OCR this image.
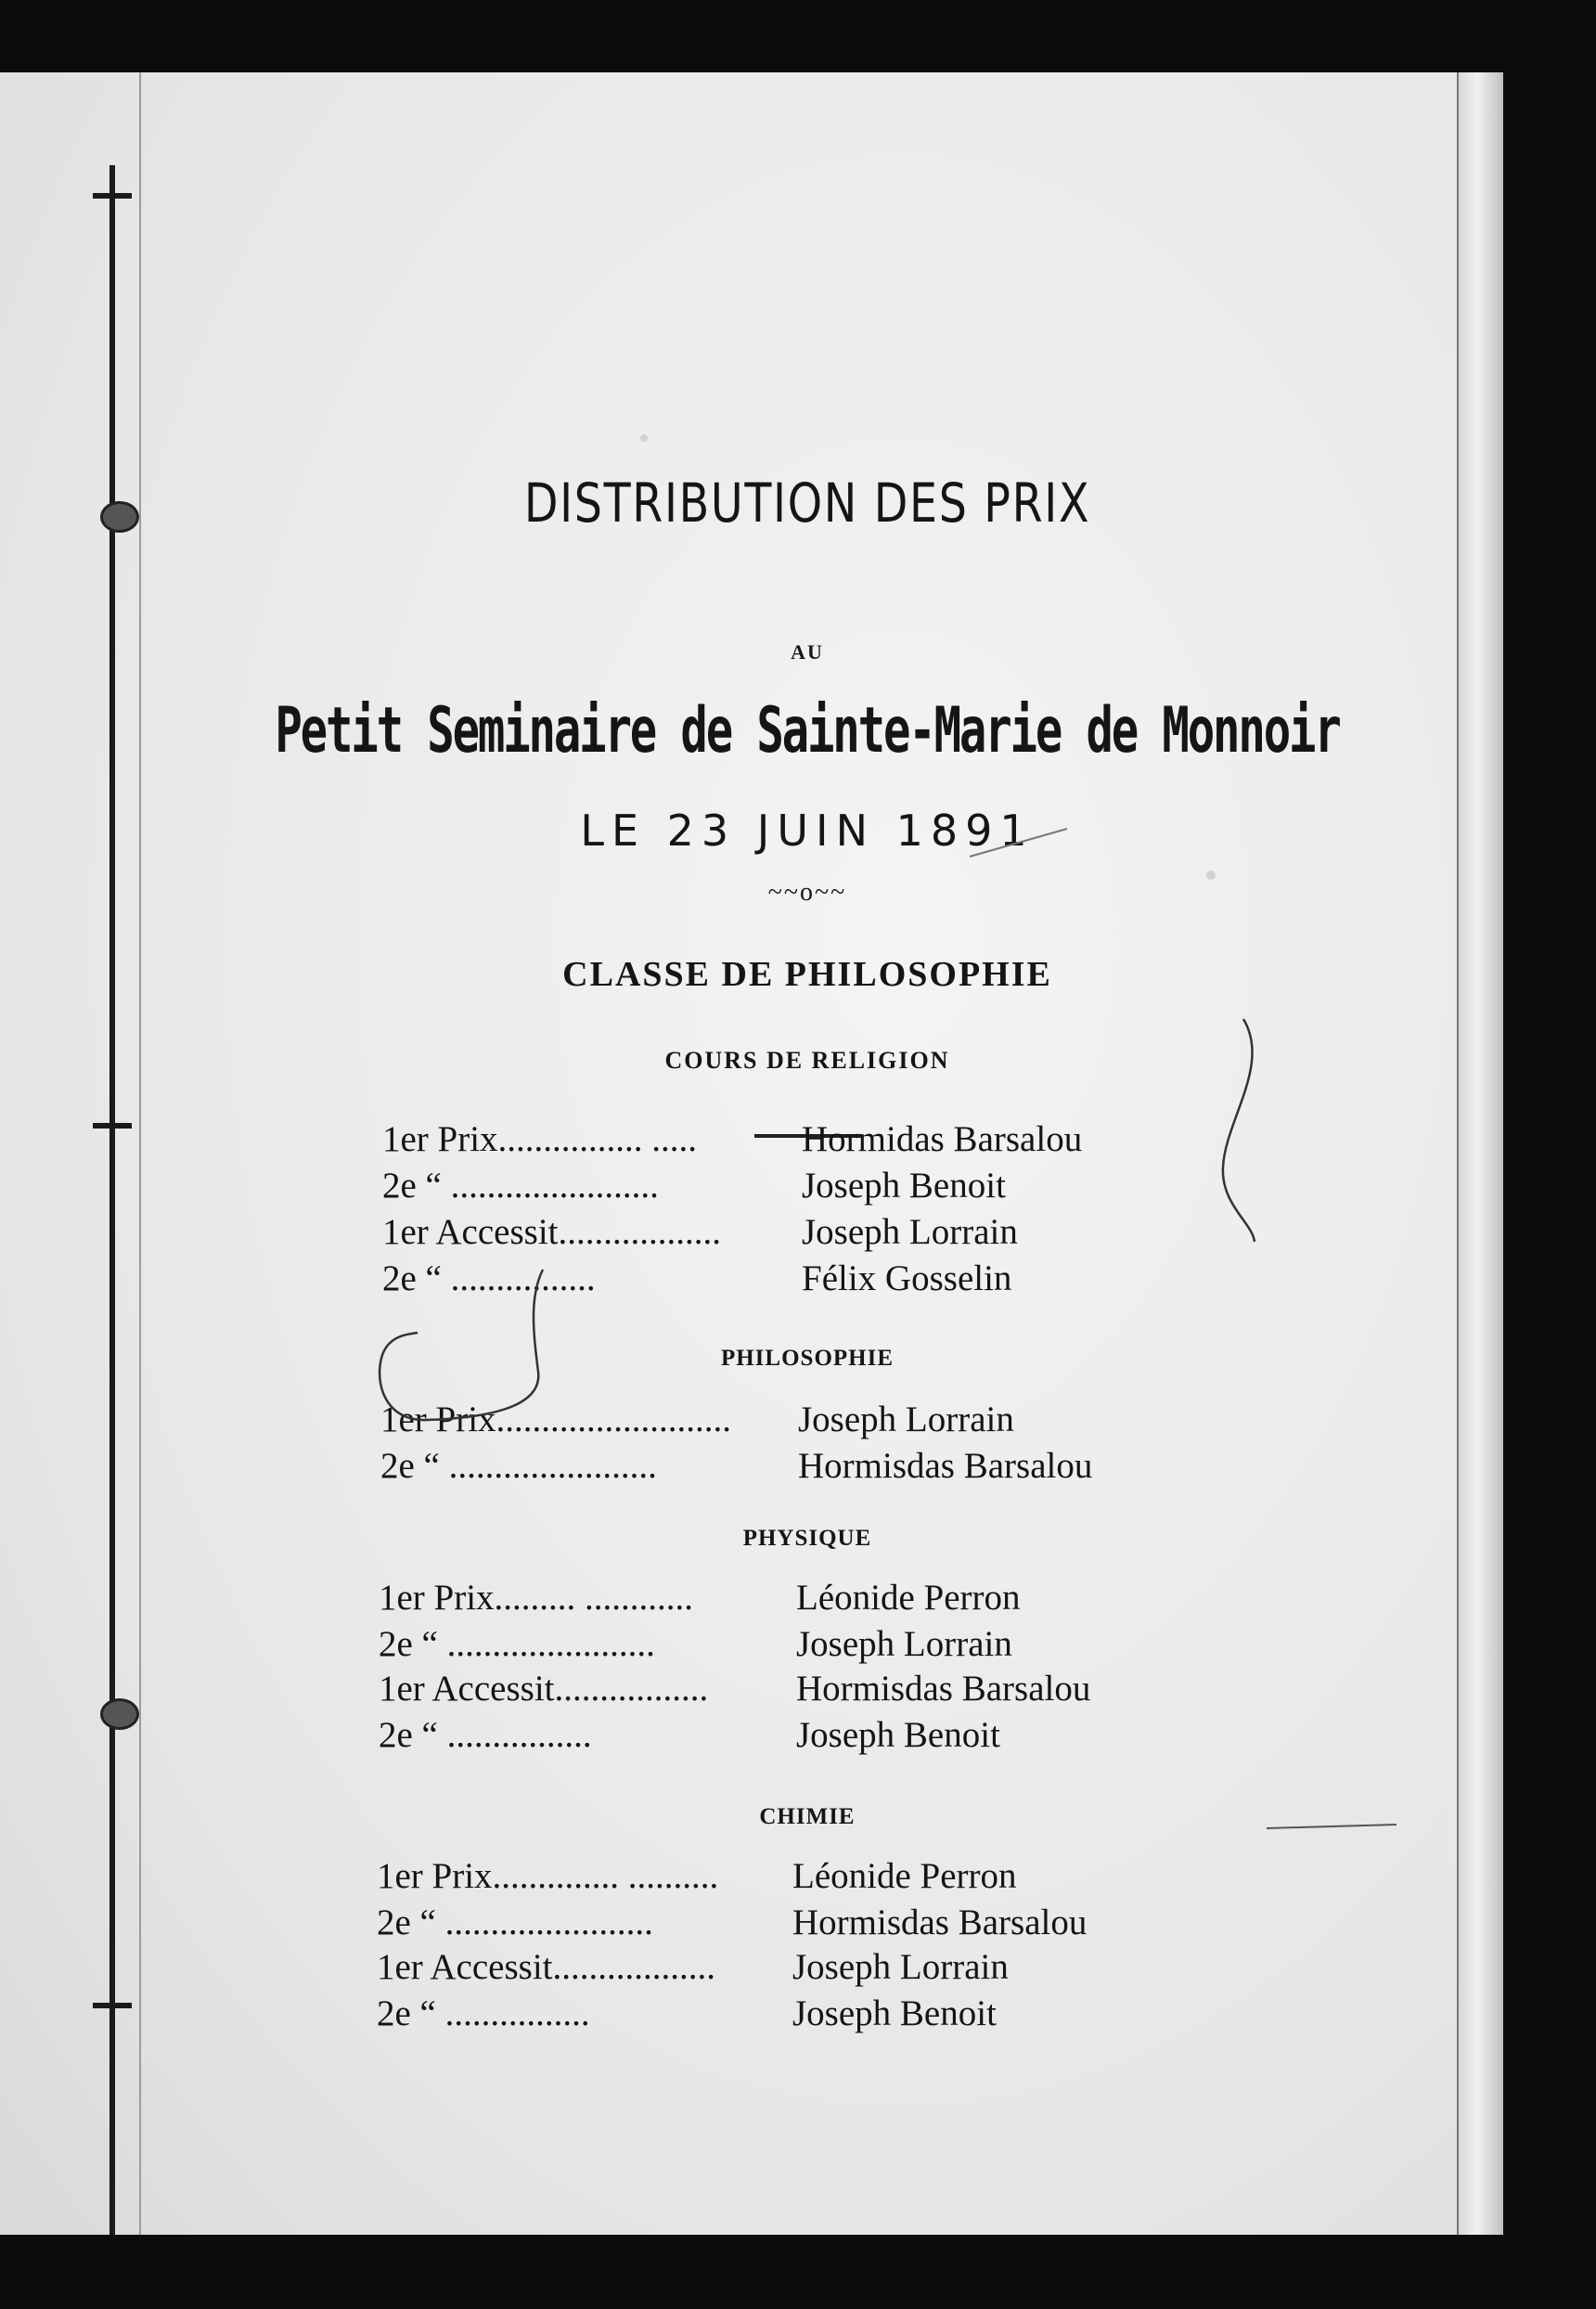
DISTRIBUTION DES PRIX
AU
Petit Seminaire de Sainte-Marie de Monnoir
LE 23 JUIN 1891
~~o~~
CLASSE DE PHILOSOPHIE
COURS DE RELIGION
1er Prix................ .....	Hormidas Barsalou
2e “ .......................	Joseph Benoit
1er Accessit.................. Joseph Lorrain
2e “ ................	Félix Gosselin
PHILOSOPHIE
1er Prix.......................... Joseph Lorrain
2e “ .......................	Hormisdas Barsalou
PHYSIQUE
1er Prix......... ............	Léonide Perron
2e “ .......................	Joseph Lorrain
1er Accessit................. Hormisdas Barsalou
2e “ ................	Joseph Benoit
CHIMIE
1er Prix.............. .......... Léonide Perron
2e “ .......................	Hormisdas Barsalou
1er Accessit.................. Joseph Lorrain
2e “ ................	Joseph Benoit
